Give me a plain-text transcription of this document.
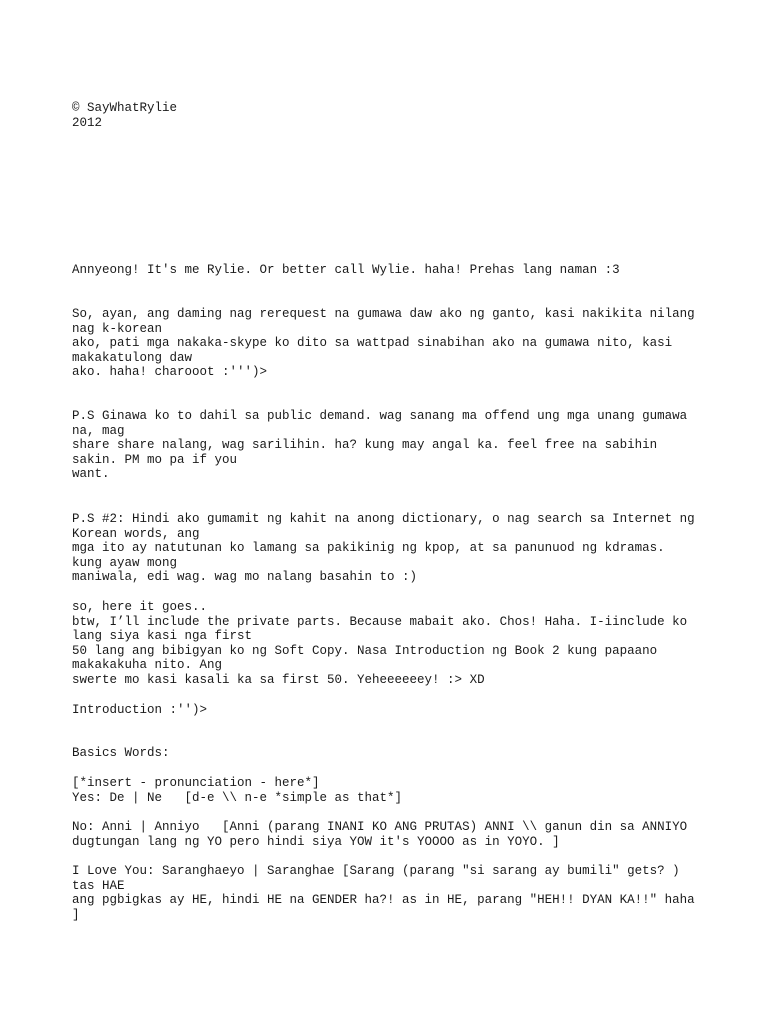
© SayWhatRylie
2012
Annyeong! It's me Rylie. Or better call Wylie. haha! Prehas lang naman :3
So, ayan, ang daming nag rerequest na gumawa daw ako ng ganto, kasi nakikita nilang
nag k-korean
ako, pati mga nakaka-skype ko dito sa wattpad sinabihan ako na gumawa nito, kasi
makakatulong daw
ako. haha! charooot :''')>
P.S Ginawa ko to dahil sa public demand. wag sanang ma offend ung mga unang gumawa
na, mag
share share nalang, wag sarilihin. ha? kung may angal ka. feel free na sabihin
sakin. PM mo pa if you
want.
P.S #2: Hindi ako gumamit ng kahit na anong dictionary, o nag search sa Internet ng
Korean words, ang
mga ito ay natutunan ko lamang sa pakikinig ng kpop, at sa panunuod ng kdramas.
kung ayaw mong
maniwala, edi wag. wag mo nalang basahin to :)
so, here it goes..
btw, I’ll include the private parts. Because mabait ako. Chos! Haha. I-iinclude ko
lang siya kasi nga first
50 lang ang bibigyan ko ng Soft Copy. Nasa Introduction ng Book 2 kung papaano
makakakuha nito. Ang
swerte mo kasi kasali ka sa first 50. Yeheeeeeey! :> XD
Introduction :'')>
Basics Words:
[*insert - pronunciation - here*]
Yes: De | Ne   [d-e \\ n-e *simple as that*]
No: Anni | Anniyo   [Anni (parang INANI KO ANG PRUTAS) ANNI \\ ganun din sa ANNIYO
dugtungan lang ng YO pero hindi siya YOW it's YOOOO as in YOYO. ]
I Love You: Saranghaeyo | Saranghae [Sarang (parang "si sarang ay bumili" gets? )
tas HAE
ang pgbigkas ay HE, hindi HE na GENDER ha?! as in HE, parang "HEH!! DYAN KA!!" haha
]
